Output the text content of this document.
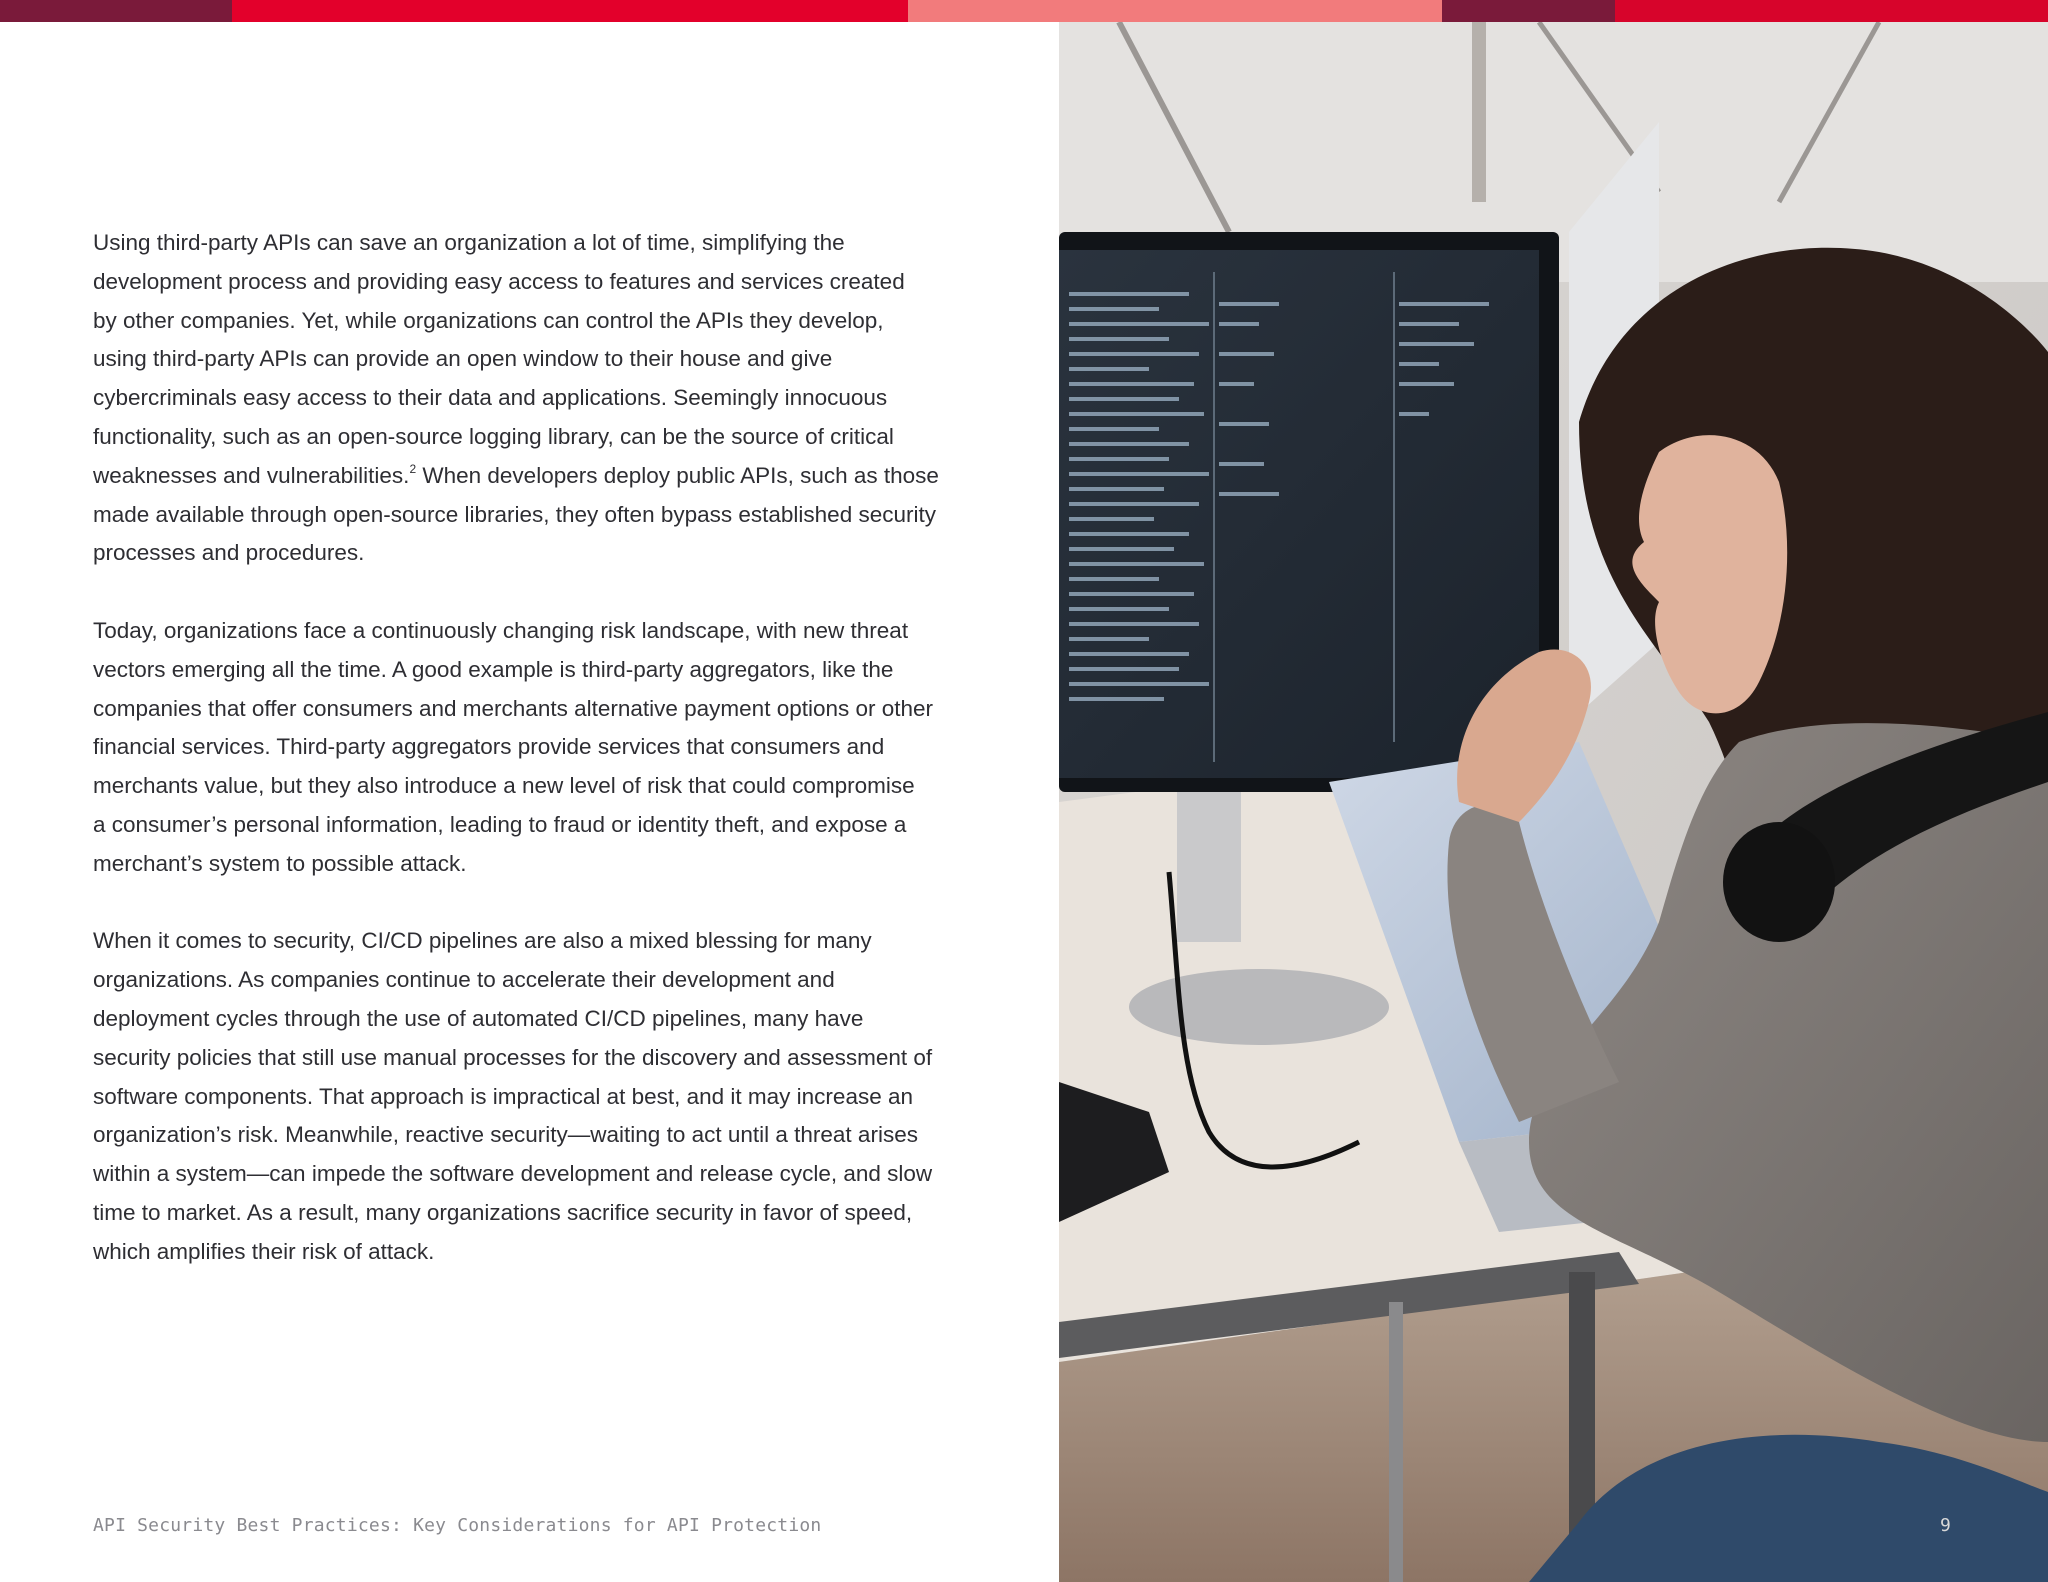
Using third-party APIs can save an organization a lot of time, simplifying the

development process and providing easy access to features and services created

by other companies. Yet, while organizations can control the APIs they develop,

using third-party APIs can provide an open window to their house and give

cybercriminals easy access to their data and applications. Seemingly innocuous

functionality, such as an open-source logging library, can be the source of critical

weaknesses and vulnerabilities.$^2$ When developers deploy public APIs, such as those

made available through open-source libraries, they often bypass established security

processes and procedures.

Today, organizations face a continuously changing risk landscape, with new threat

vectors emerging all the time. A good example is third-party aggregators, like the

companies that offer consumers and merchants alternative payment options or other

financial services. Third-party aggregators provide services that consumers and

merchants value, but they also introduce a new level of risk that could compromise

a consumer’s personal information, leading to fraud or identity theft, and expose a

merchant’s system to possible attack.

When it comes to security, CI/CD pipelines are also a mixed blessing for many

organizations. As companies continue to accelerate their development and

deployment cycles through the use of automated CI/CD pipelines, many have

security policies that still use manual processes for the discovery and assessment of

software components. That approach is impractical at best, and it may increase an

organization’s risk. Meanwhile, reactive security—waiting to act until a threat arises

within a system—can impede the software development and release cycle, and slow

time to market. As a result, many organizations sacrifice security in favor of speed,

which amplifies their risk of attack.

API Security Best Practices: Key Considerations for API Protection	9
